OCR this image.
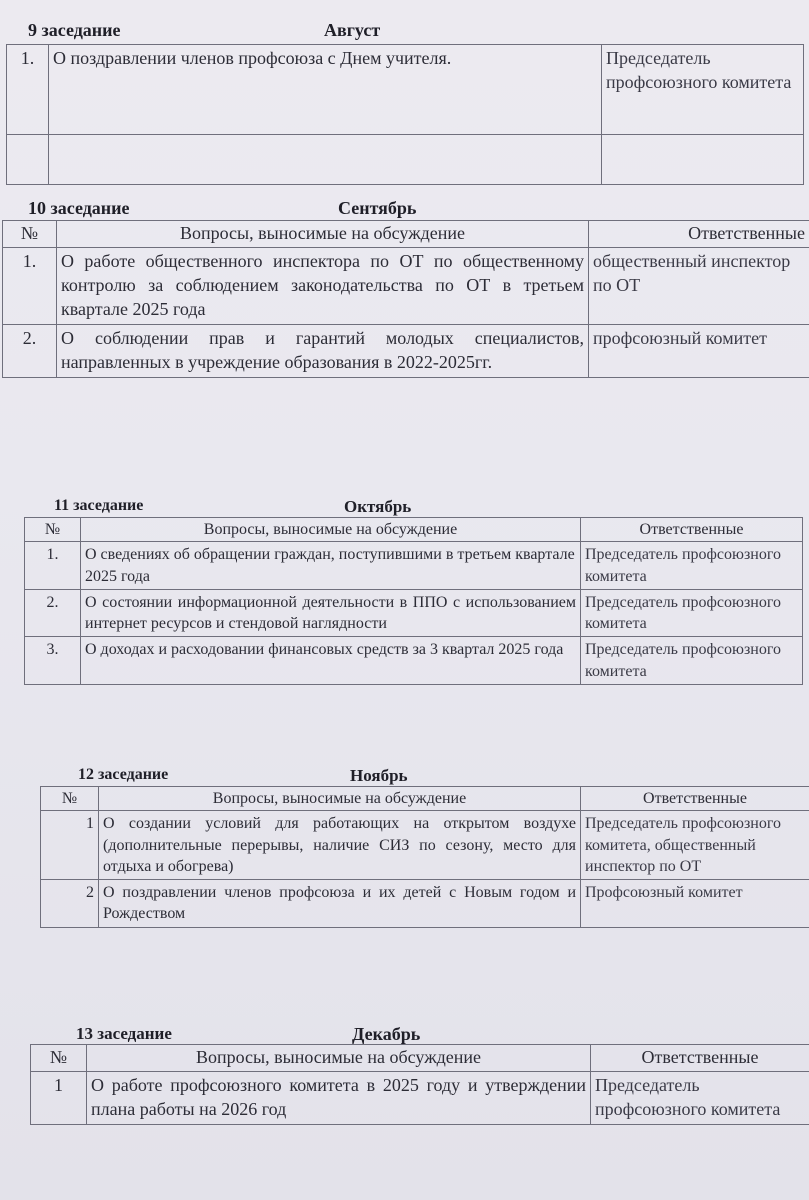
9 заседание	Август
1.	О поздравлении членов профсоюза с Днем учителя.	Председатель профсоюзного комитета

10 заседание	Сентябрь
№	Вопросы, выносимые на обсуждение	Ответственные
1.	О работе общественного инспектора по ОТ по общественному контролю за соблюдением законодательства по ОТ в третьем квартале 2025 года	общественный инспектор по ОТ
2.	О соблюдении прав и гарантий молодых специалистов, направленных в учреждение образования в 2022-2025гг.	профсоюзный комитет
11 заседание	Октябрь
№	Вопросы, выносимые на обсуждение	Ответственные
1.	О сведениях об обращении граждан, поступившими в третьем квартале 2025 года	Председатель профсоюзного комитета
2.	О состоянии информационной деятельности в ППО с использованием интернет ресурсов и стендовой наглядности	Председатель профсоюзного комитета
3.	О доходах и расходовании финансовых средств за 3 квартал 2025 года	Председатель профсоюзного комитета
12 заседание	Ноябрь
№	Вопросы, выносимые на обсуждение	Ответственные
1	О создании условий для работающих на открытом воздухе (дополнительные перерывы, наличие СИЗ по сезону, место для отдыха и обогрева)	Председатель профсоюзного комитета, общественный инспектор по ОТ
2	О поздравлении членов профсоюза и их детей с Новым годом и Рождеством	Профсоюзный комитет
13 заседание	Декабрь
№	Вопросы, выносимые на обсуждение	Ответственные
1	О работе профсоюзного комитета в 2025 году и утверждении плана работы на 2026 год	Председатель профсоюзного комитета
